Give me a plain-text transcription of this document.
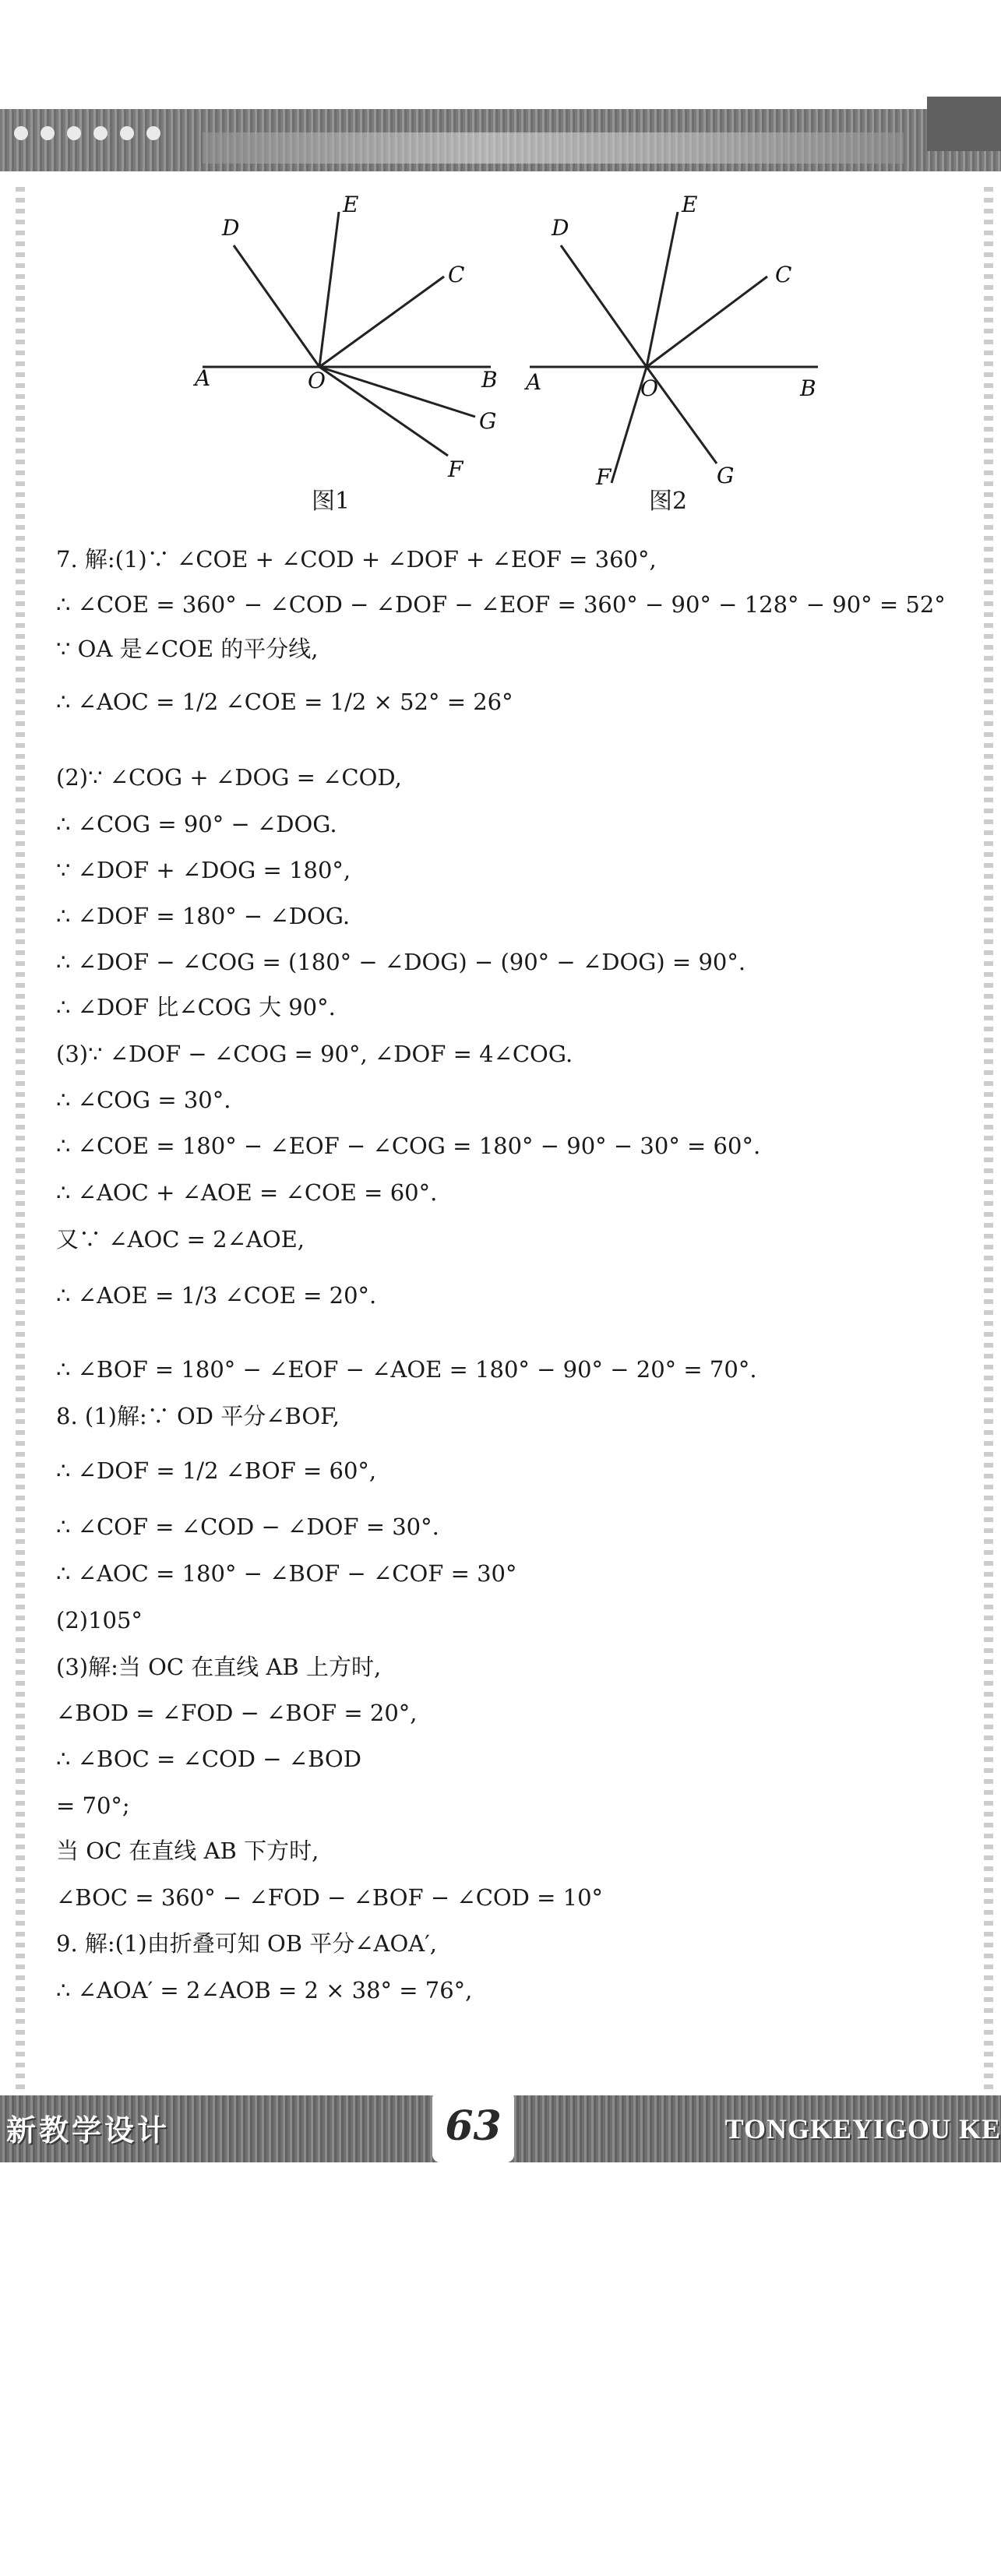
A	O	B
C
D
E
F
G
A	O	B
C
D
E
F	G
图1	图2
7. 解:(1)∵ ∠COE + ∠COD + ∠DOF + ∠EOF = 360°,
∴ ∠COE = 360° − ∠COD − ∠DOF − ∠EOF = 360° − 90° − 128° − 90° = 52°
∵ OA 是∠COE 的平分线,
∴ ∠AOC = 1/2 ∠COE = 1/2 × 52° = 26°
(2)∵ ∠COG + ∠DOG = ∠COD,
∴ ∠COG = 90° − ∠DOG.
∵ ∠DOF + ∠DOG = 180°,
∴ ∠DOF = 180° − ∠DOG.
∴ ∠DOF − ∠COG = (180° − ∠DOG) − (90° − ∠DOG) = 90°.
∴ ∠DOF 比∠COG 大 90°.
(3)∵ ∠DOF − ∠COG = 90°, ∠DOF = 4∠COG.
∴ ∠COG = 30°.
∴ ∠COE = 180° − ∠EOF − ∠COG = 180° − 90° − 30° = 60°.
∴ ∠AOC + ∠AOE = ∠COE = 60°.
又∵ ∠AOC = 2∠AOE,
∴ ∠AOE = 1/3 ∠COE = 20°.
∴ ∠BOF = 180° − ∠EOF − ∠AOE = 180° − 90° − 20° = 70°.
8. (1)解:∵ OD 平分∠BOF,
∴ ∠DOF = 1/2 ∠BOF = 60°,
∴ ∠COF = ∠COD − ∠DOF = 30°.
∴ ∠AOC = 180° − ∠BOF − ∠COF = 30°
(2)105°
(3)解:当 OC 在直线 AB 上方时,
∠BOD = ∠FOD − ∠BOF = 20°,
∴ ∠BOC = ∠COD − ∠BOD
= 70°;
当 OC 在直线 AB 下方时,
∠BOC = 360° − ∠FOD − ∠BOF − ∠COD = 10°
9. 解:(1)由折叠可知 OB 平分∠AOA′,
∴ ∠AOA′ = 2∠AOB = 2 × 38° = 76°,
新教学设计	63	TONGKEYIGOU KE
